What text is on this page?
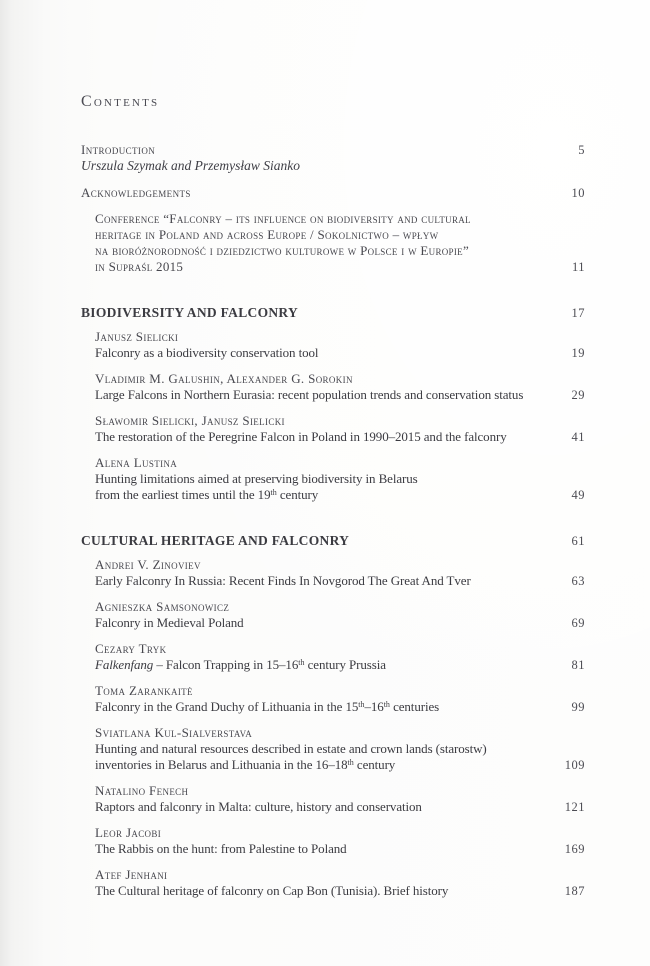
Contents
Introduction	5
Urszula Szymak and Przemysław Sianko
Acknowledgements	10
Conference “Falconry – its influence on biodiversity and cultural
heritage in Poland and across Europe / Sokolnictwo – wpływ
na bioróżnorodność i dziedzictwo kulturowe w Polsce i w Europie”
in Supraśl 2015	11
BIODIVERSITY AND FALCONRY	17
Janusz Sielicki
Falconry as a biodiversity conservation tool	19
Vladimir M. Galushin, Alexander G. Sorokin
Large Falcons in Northern Eurasia: recent population trends and conservation status	29
Sławomir Sielicki, Janusz Sielicki
The restoration of the Peregrine Falcon in Poland in 1990–2015 and the falconry	41
Alena Lustina
Hunting limitations aimed at preserving biodiversity in Belarus
from the earliest times until the 19th century	49
CULTURAL HERITAGE AND FALCONRY	61
Andrei V. Zinoviev
Early Falconry In Russia: Recent Finds In Novgorod The Great And Tver	63
Agnieszka Samsonowicz
Falconry in Medieval Poland	69
Cezary Tryk
Falkenfang – Falcon Trapping in 15–16th century Prussia	81
Toma Zarankaitė
Falconry in the Grand Duchy of Lithuania in the 15th–16th centuries	99
Sviatlana Kul-Sialverstava
Hunting and natural resources described in estate and crown lands (starostw)
inventories in Belarus and Lithuania in the 16–18th century	109
Natalino Fenech
Raptors and falconry in Malta: culture, history and conservation	121
Leor Jacobi
The Rabbis on the hunt: from Palestine to Poland	169
Atef Jenhani
The Cultural heritage of falconry on Cap Bon (Tunisia). Brief history	187
